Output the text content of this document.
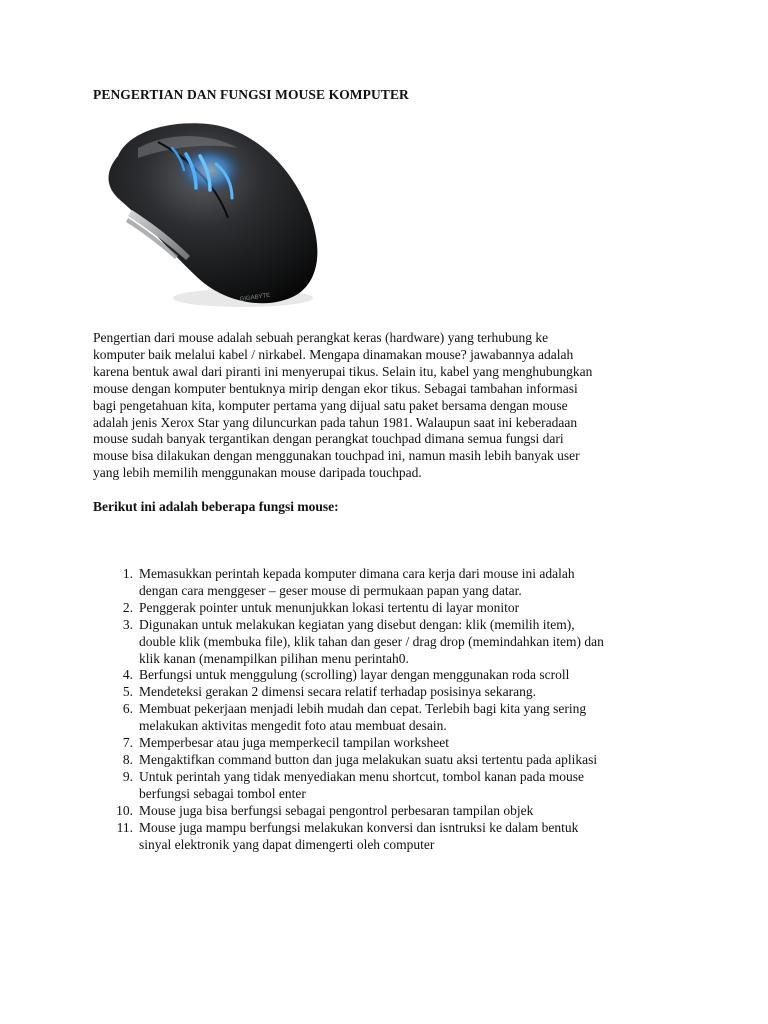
PENGERTIAN DAN FUNGSI MOUSE KOMPUTER
GIGABYTE
Pengertian dari mouse adalah sebuah perangkat keras (hardware) yang terhubung ke
komputer baik melalui kabel / nirkabel. Mengapa dinamakan mouse? jawabannya adalah
karena bentuk awal dari piranti ini menyerupai tikus. Selain itu, kabel yang menghubungkan
mouse dengan komputer bentuknya mirip dengan ekor tikus. Sebagai tambahan informasi
bagi pengetahuan kita, komputer pertama yang dijual satu paket bersama dengan mouse
adalah jenis Xerox Star yang diluncurkan pada tahun 1981. Walaupun saat ini keberadaan
mouse sudah banyak tergantikan dengan perangkat touchpad dimana semua fungsi dari
mouse bisa dilakukan dengan menggunakan touchpad ini, namun masih lebih banyak user
yang lebih memilih menggunakan mouse daripada touchpad.
Berikut ini adalah beberapa fungsi mouse:
1. Memasukkan perintah kepada komputer dimana cara kerja dari mouse ini adalah
dengan cara menggeser – geser mouse di permukaan papan yang datar.
2. Penggerak pointer untuk menunjukkan lokasi tertentu di layar monitor
3. Digunakan untuk melakukan kegiatan yang disebut dengan: klik (memilih item),
double klik (membuka file), klik tahan dan geser / drag drop (memindahkan item) dan
klik kanan (menampilkan pilihan menu perintah0.
4. Berfungsi untuk menggulung (scrolling) layar dengan menggunakan roda scroll
5. Mendeteksi gerakan 2 dimensi secara relatif terhadap posisinya sekarang.
6. Membuat pekerjaan menjadi lebih mudah dan cepat. Terlebih bagi kita yang sering
melakukan aktivitas mengedit foto atau membuat desain.
7. Memperbesar atau juga memperkecil tampilan worksheet
8. Mengaktifkan command button dan juga melakukan suatu aksi tertentu pada aplikasi
9. Untuk perintah yang tidak menyediakan menu shortcut, tombol kanan pada mouse
berfungsi sebagai tombol enter
10. Mouse juga bisa berfungsi sebagai pengontrol perbesaran tampilan objek
11. Mouse juga mampu berfungsi melakukan konversi dan isntruksi ke dalam bentuk
sinyal elektronik yang dapat dimengerti oleh computer
